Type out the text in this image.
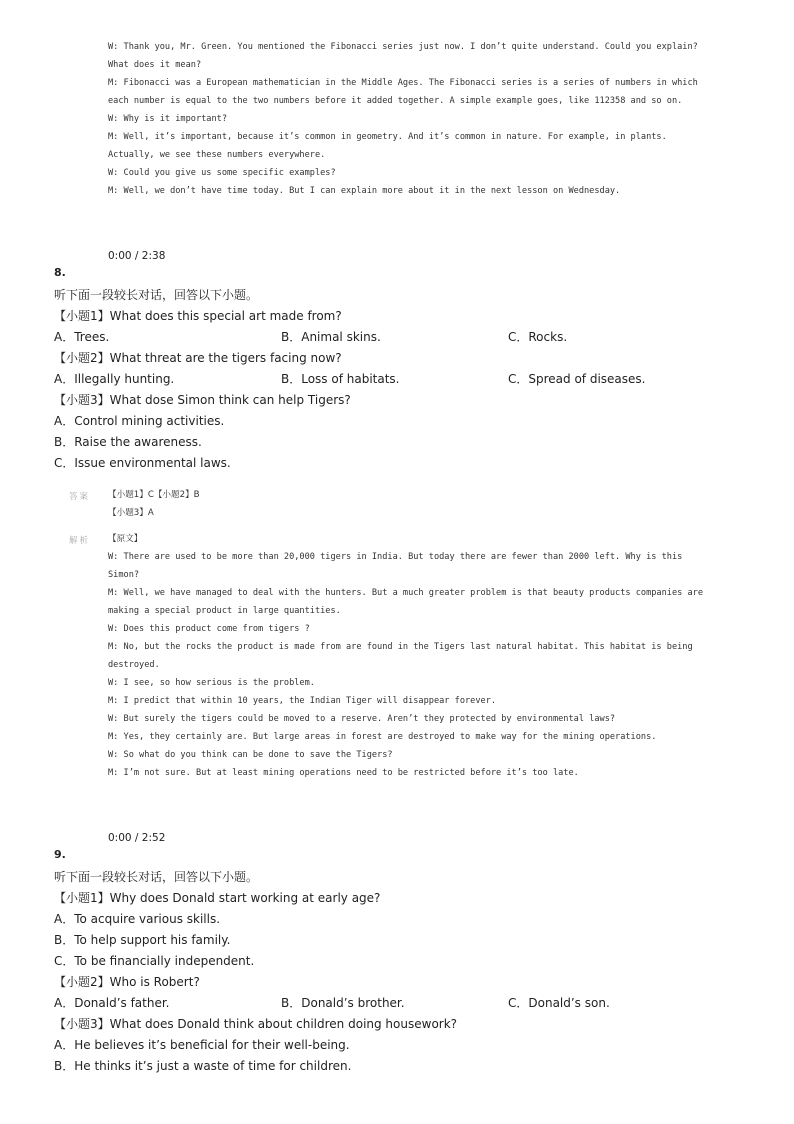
W: Thank you, Mr. Green. You mentioned the Fibonacci series just now. I don’t quite understand. Could you explain?
What does it mean?
M: Fibonacci was a European mathematician in the Middle Ages. The Fibonacci series is a series of numbers in which
each number is equal to the two numbers before it added together. A simple example goes, like 112358 and so on.
W: Why is it important?
M: Well, it’s important, because it’s common in geometry. And it’s common in nature. For example, in plants.
Actually, we see these numbers everywhere.
W: Could you give us some specific examples?
M: Well, we don’t have time today. But I can explain more about it in the next lesson on Wednesday.
0:00 / 2:38
8.
听下面一段较长对话，回答以下小题。
【小题1】What does this special art made from?
A．Trees.	B．Animal skins.	C．Rocks.
【小题2】What threat are the tigers facing now?
A．Illegally hunting.	B．Loss of habitats.	C．Spread of diseases.
【小题3】What dose Simon think can help Tigers?
A．Control mining activities.
B．Raise the awareness.
C．Issue environmental laws.
答案 【小题1】C【小题2】B
【小题3】A
解析 【原文】
W: There are used to be more than 20,000 tigers in India. But today there are fewer than 2000 left. Why is this
Simon?
M: Well, we have managed to deal with the hunters. But a much greater problem is that beauty products companies are
making a special product in large quantities.
W: Does this product come from tigers ?
M: No, but the rocks the product is made from are found in the Tigers last natural habitat. This habitat is being
destroyed.
W: I see, so how serious is the problem.
M: I predict that within 10 years, the Indian Tiger will disappear forever.
W: But surely the tigers could be moved to a reserve. Aren’t they protected by environmental laws?
M: Yes, they certainly are. But large areas in forest are destroyed to make way for the mining operations.
W: So what do you think can be done to save the Tigers?
M: I’m not sure. But at least mining operations need to be restricted before it’s too late.
0:00 / 2:52
9.
听下面一段较长对话，回答以下小题。
【小题1】Why does Donald start working at early age?
A．To acquire various skills.
B．To help support his family.
C．To be financially independent.
【小题2】Who is Robert?
A．Donald’s father.	B．Donald’s brother.	C．Donald’s son.
【小题3】What does Donald think about children doing housework?
A．He believes it’s beneficial for their well-being.
B．He thinks it’s just a waste of time for children.
